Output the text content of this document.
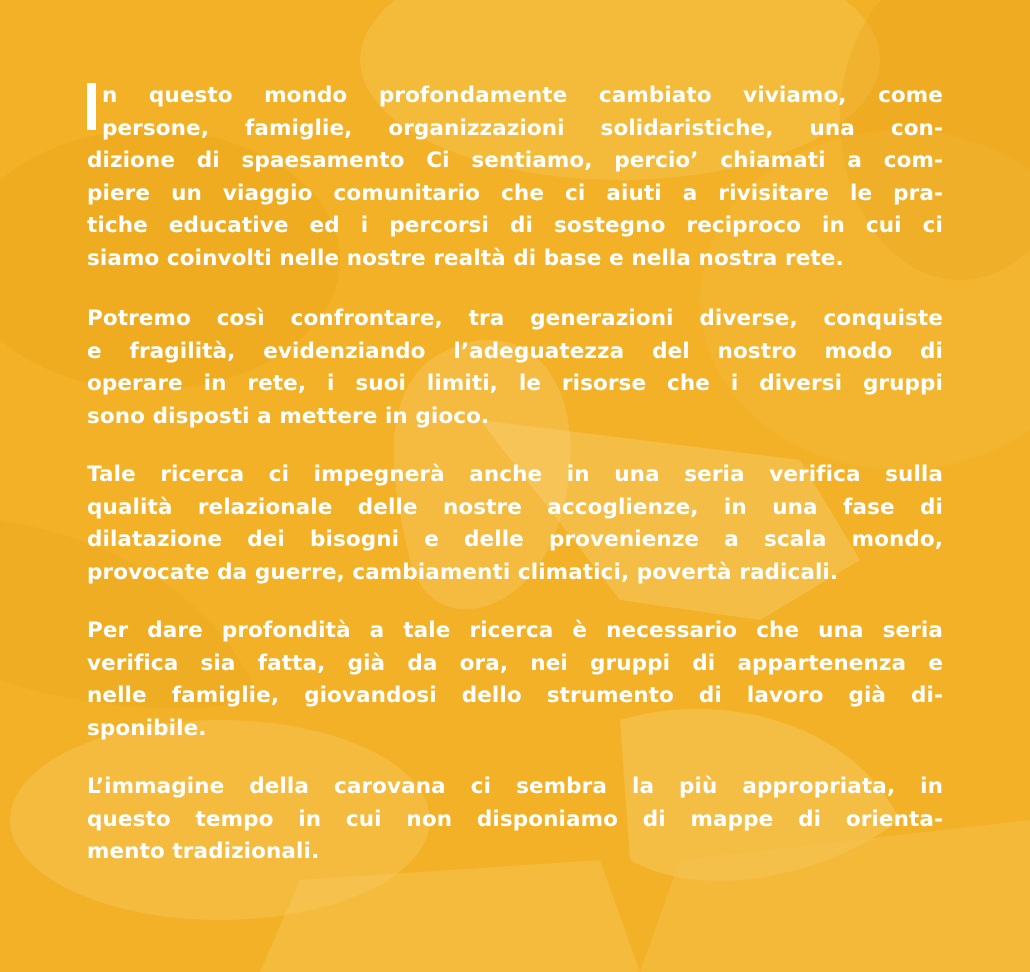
n questo mondo profondamente cambiato viviamo, come
persone, famiglie, organizzazioni solidaristiche, una con-
dizione di spaesamento Ci sentiamo, percio’ chiamati a com-
piere un viaggio comunitario che ci aiuti a rivisitare le pra-
tiche educative ed i percorsi di sostegno reciproco in cui ci
siamo coinvolti nelle nostre realtà di base e nella nostra rete.
Potremo così confrontare, tra generazioni diverse, conquiste
e fragilità, evidenziando l’adeguatezza del nostro modo di
operare in rete, i suoi limiti, le risorse che i diversi gruppi
sono disposti a mettere in gioco.
Tale ricerca ci impegnerà anche in una seria verifica sulla
qualità relazionale delle nostre accoglienze, in una fase di
dilatazione dei bisogni e delle provenienze a scala mondo,
provocate da guerre, cambiamenti climatici, povertà radicali.
Per dare profondità a tale ricerca è necessario che una seria
verifica sia fatta, già da ora, nei gruppi di appartenenza e
nelle famiglie, giovandosi dello strumento di lavoro già di-
sponibile.
L’immagine della carovana ci sembra la più appropriata, in
questo tempo in cui non disponiamo di mappe di orienta-
mento tradizionali.
